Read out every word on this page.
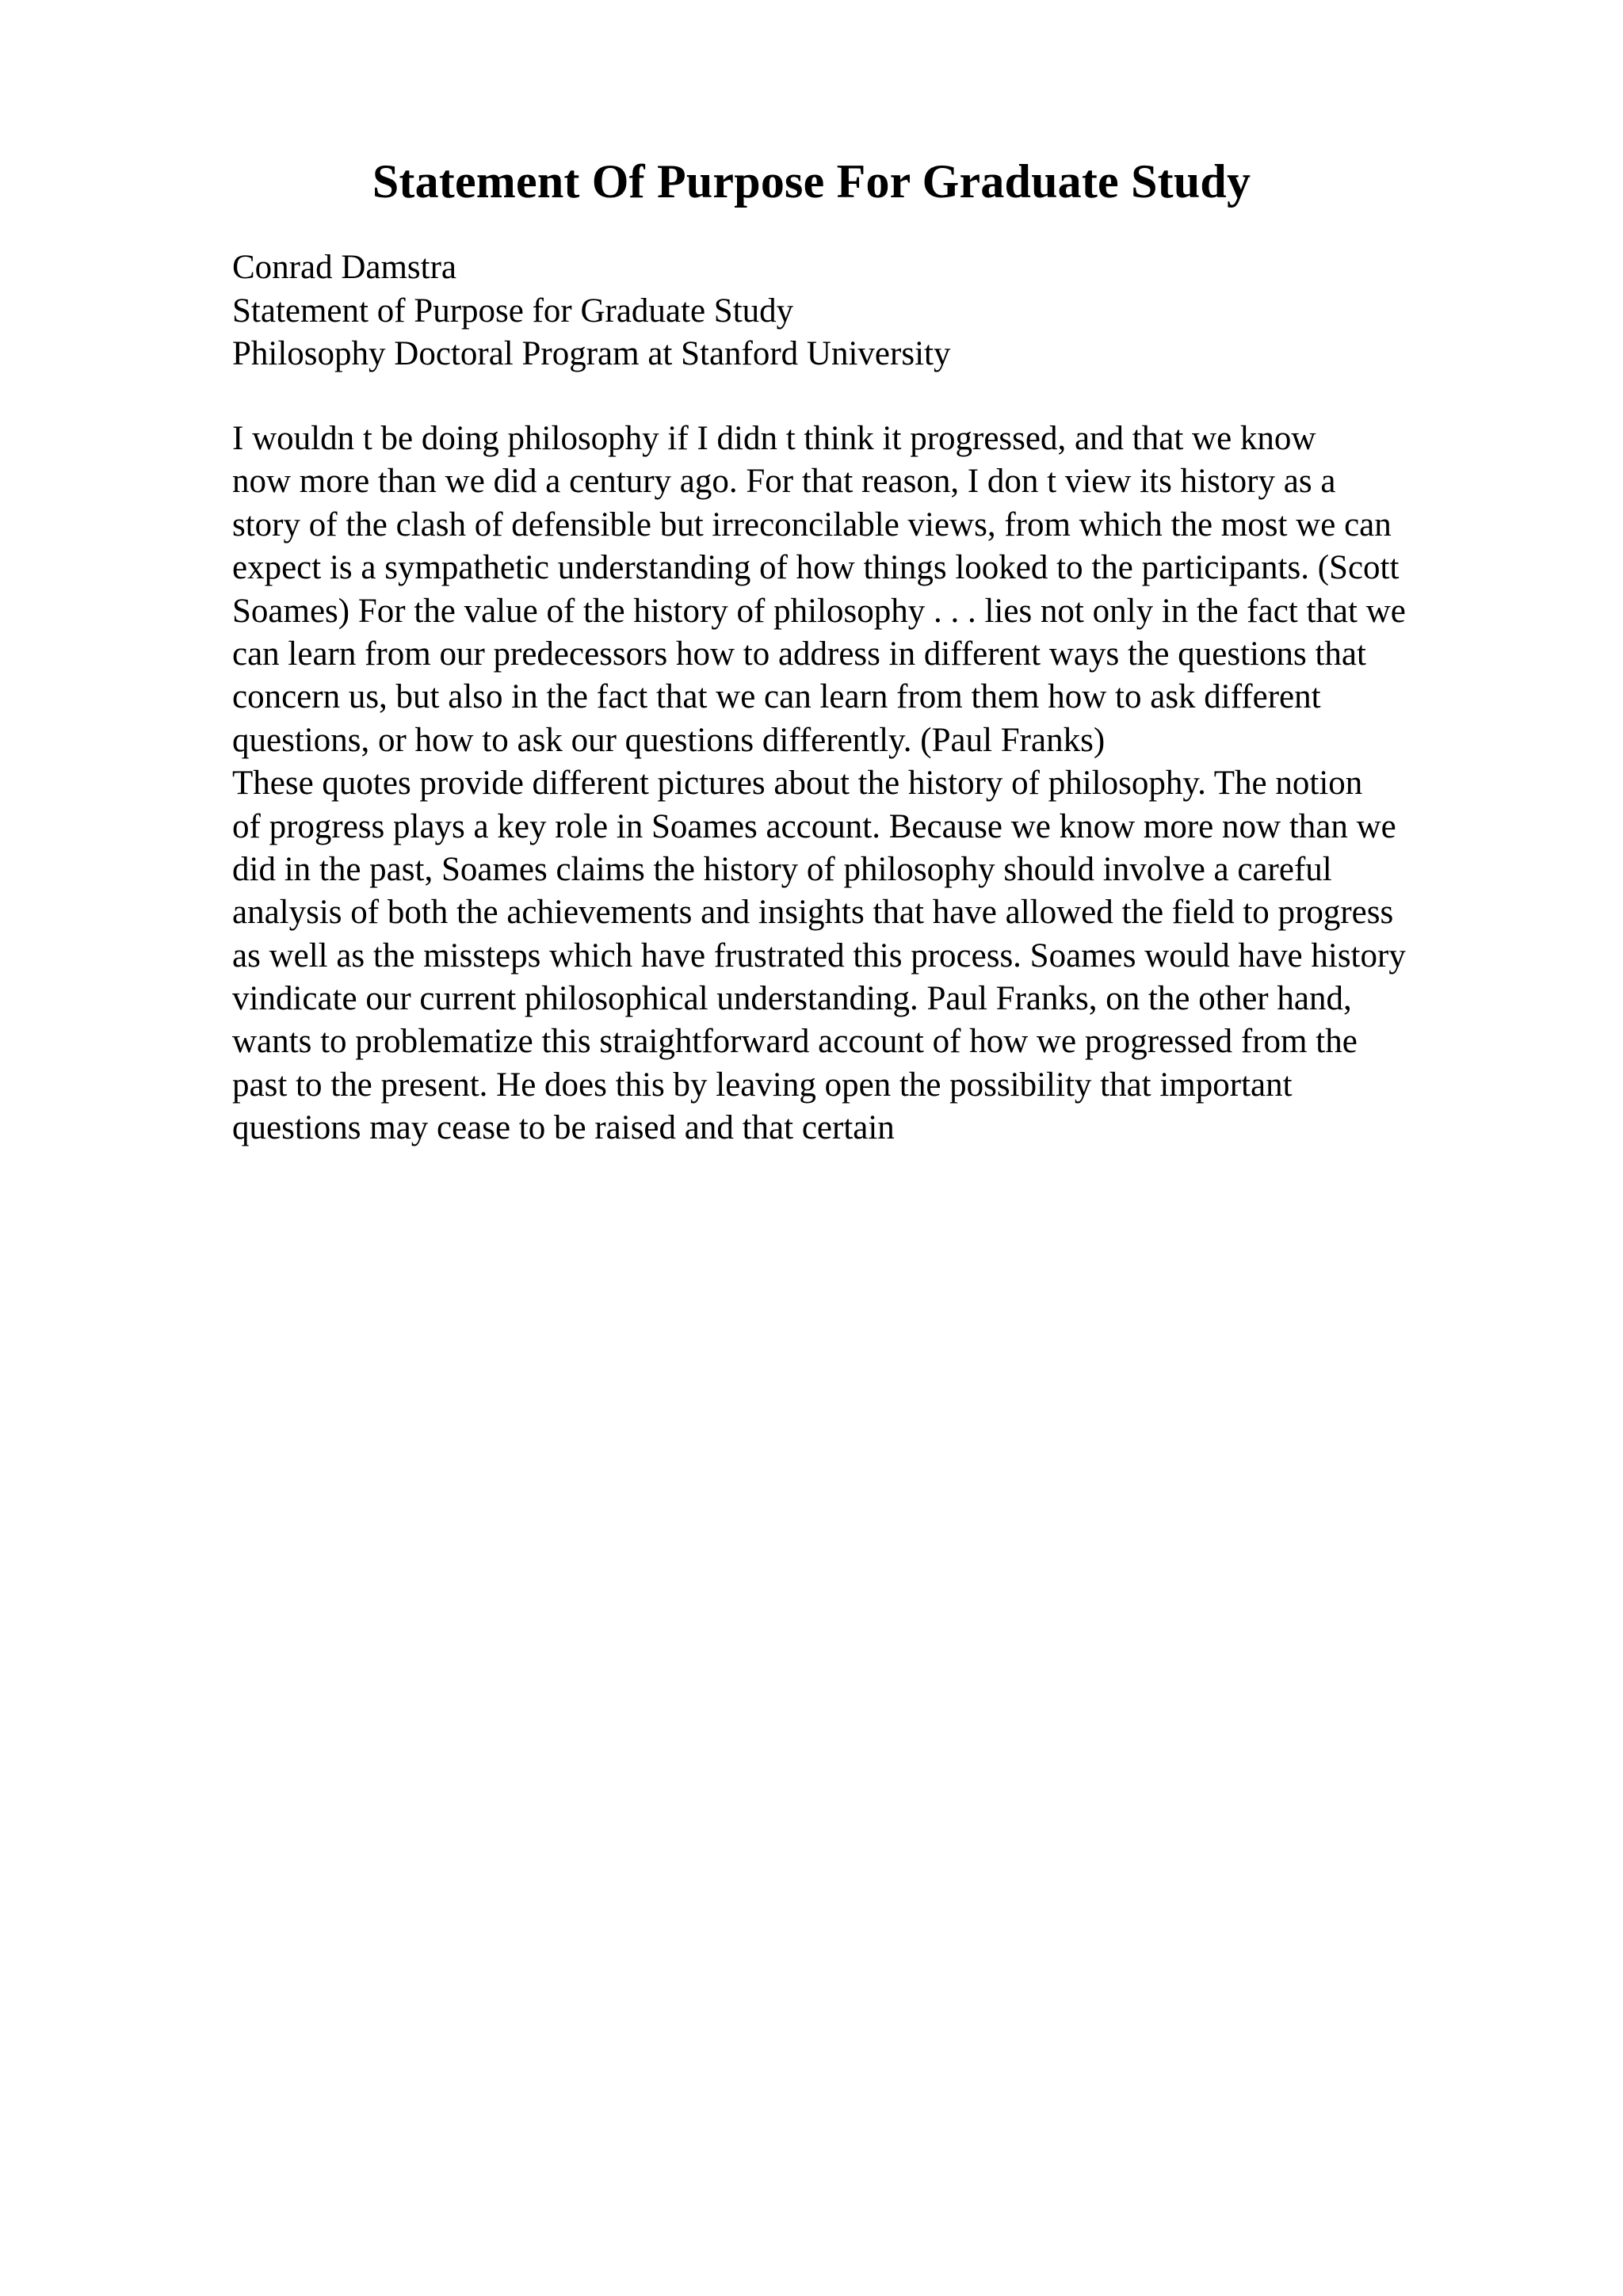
Statement Of Purpose For Graduate Study
Conrad Damstra
Statement of Purpose for Graduate Study
Philosophy Doctoral Program at Stanford University
I wouldn t be doing philosophy if I didn t think it progressed, and that we know
now more than we did a century ago. For that reason, I don t view its history as a
story of the clash of defensible but irreconcilable views, from which the most we can
expect is a sympathetic understanding of how things looked to the participants. (Scott
Soames) For the value of the history of philosophy . . . lies not only in the fact that we
can learn from our predecessors how to address in different ways the questions that
concern us, but also in the fact that we can learn from them how to ask different
questions, or how to ask our questions differently. (Paul Franks)
These quotes provide different pictures about the history of philosophy. The notion
of progress plays a key role in Soames account. Because we know more now than we
did in the past, Soames claims the history of philosophy should involve a careful
analysis of both the achievements and insights that have allowed the field to progress
as well as the missteps which have frustrated this process. Soames would have history
vindicate our current philosophical understanding. Paul Franks, on the other hand,
wants to problematize this straightforward account of how we progressed from the
past to the present. He does this by leaving open the possibility that important
questions may cease to be raised and that certain
